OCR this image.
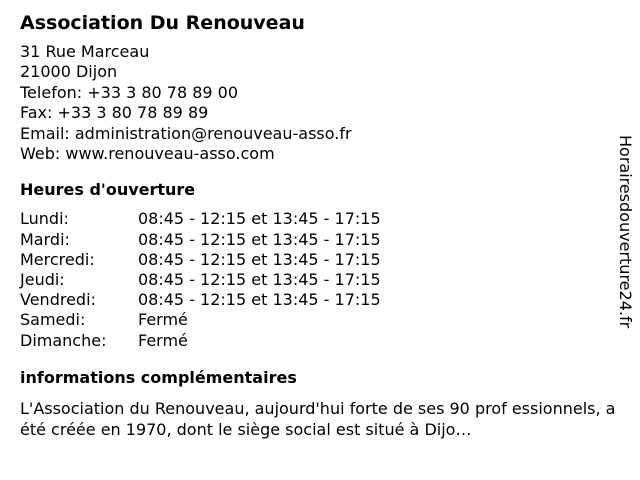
Association Du Renouveau
31 Rue Marceau
21000 Dijon
Telefon: +33 3 80 78 89 00
Fax: +33 3 80 78 89 89
Email: administration@renouveau-asso.fr
Web: www.renouveau-asso.com
Heures d'ouverture
Lundi:	08:45 - 12:15 et 13:45 - 17:15
Mardi:	08:45 - 12:15 et 13:45 - 17:15
Mercredi:	08:45 - 12:15 et 13:45 - 17:15
Jeudi:	08:45 - 12:15 et 13:45 - 17:15
Vendredi:	08:45 - 12:15 et 13:45 - 17:15
Samedi:	Fermé
Dimanche:	Fermé
informations complémentaires
L'Association du Renouveau, aujourd'hui forte de ses 90 prof essionnels, a été créée en 1970, dont le siège social est situé à Dijo…
Horairesdouverture24.fr
